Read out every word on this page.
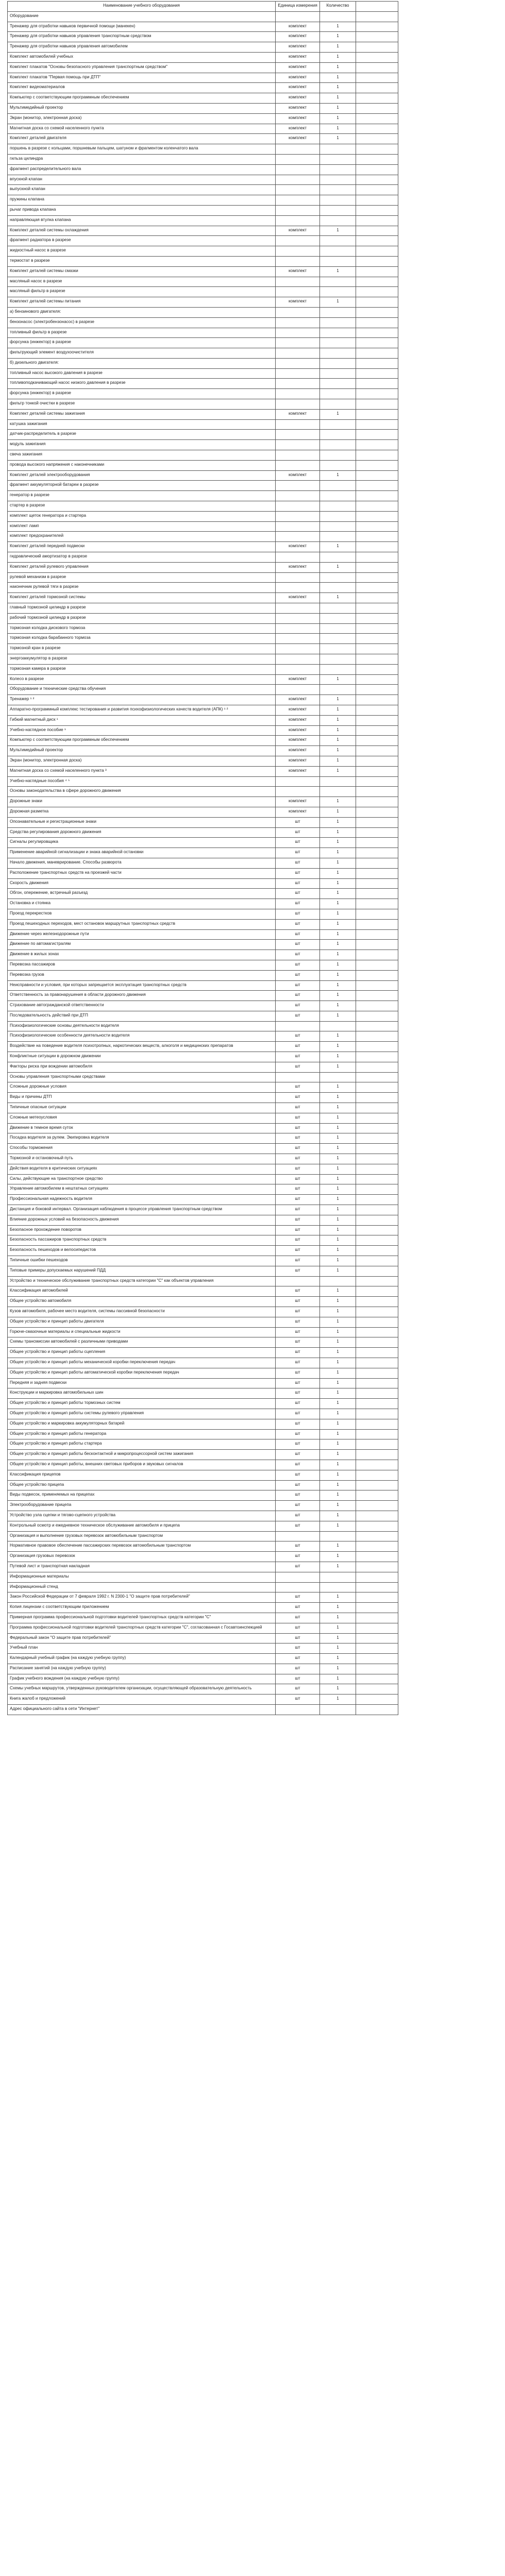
Наименование учебного оборудования	Единица измерения	Количество	
Оборудование			
Тренажер для отработки навыков первичной помощи (манекен)	комплект	1	
Тренажер для отработки навыков управления транспортным средством	комплект	1	
Тренажер для отработки навыков управления автомобилем	комплект	1	
Комплект автомобилей учебных	комплект	1	
Комплект плакатов "Основы безопасного управления транспортным средством"	комплект	1	
Комплект плакатов "Первая помощь при ДТП"	комплект	1	
Комплект видеоматериалов	комплект	1	
Компьютер с соответствующим программным обеспечением	комплект	1	
Мультимедийный проектор	комплект	1	
Экран (монитор, электронная доска)	комплект	1	
Магнитная доска со схемой населенного пункта	комплект	1	
Комплект деталей двигателя	комплект	1	
поршень в разрезе с кольцами, поршневым пальцем, шатуном и фрагментом коленчатого вала			
гильза цилиндра			
фрагмент распределительного вала			
впускной клапан			
выпускной клапан			
пружины клапана			
рычаг привода клапана			
направляющая втулка клапана			
Комплект деталей системы охлаждения	комплект	1	
фрагмент радиатора в разрезе			
жидкостный насос в разрезе			
термостат в разрезе			
Комплект деталей системы смазки	комплект	1	
масляный насос в разрезе			
масляный фильтр в разрезе			
Комплект деталей системы питания	комплект	1	
а) бензинового двигателя:			
бензонасос (электробензонасос) в разрезе			
топливный фильтр в разрезе			
форсунка (инжектор) в разрезе			
фильтрующий элемент воздухоочистителя			
б) дизельного двигателя:			
топливный насос высокого давления в разрезе			
топливоподкачивающий насос низкого давления в разрезе			
форсунка (инжектор) в разрезе			
фильтр тонкой очистки в разрезе			
Комплект деталей системы зажигания	комплект	1	
катушка зажигания			
датчик-распределитель в разрезе			
модуль зажигания			
свеча зажигания			
провода высокого напряжения с наконечниками			
Комплект деталей электрооборудования	комплект	1	
фрагмент аккумуляторной батареи в разрезе			
генератор в разрезе			
стартер в разрезе			
комплект щеток генератора и стартера			
комплект ламп			
комплект предохранителей			
Комплект деталей передней подвески	комплект	1	
гидравлический амортизатор в разрезе			
Комплект деталей рулевого управления	комплект	1	
рулевой механизм в разрезе			
наконечник рулевой тяги в разрезе			
Комплект деталей тормозной системы	комплект	1	
главный тормозной цилиндр в разрезе			
рабочий тормозной цилиндр в разрезе			
тормозная колодка дискового тормоза			
тормозная колодка барабанного тормоза			
тормозной кран в разрезе			
энергоаккумулятор в разрезе			
тормозная камера в разрезе			
Колесо в разрезе	комплект	1	
Оборудование и технические средства обучения			
Тренажер ¹ ²	комплект	1	
Аппаратно-программный комплекс тестирования и развития психофизиологических качеств водителя (АПК) ¹ ²	комплект	1	
Гибкий магнитный диск ¹	комплект	1	
Учебно-наглядное пособие ¹	комплект	1	
Компьютер с соответствующим программным обеспечением	комплект	1	
Мультимедийный проектор	комплект	1	
Экран (монитор, электронная доска)	комплект	1	
Магнитная доска со схемой населенного пункта ³	комплект	1	
Учебно-наглядные пособия ⁴ ⁵			
Основы законодательства в сфере дорожного движения			
Дорожные знаки	комплект	1	
Дорожная разметка	комплект	1	
Опознавательные и регистрационные знаки	шт	1	
Средства регулирования дорожного движения	шт	1	
Сигналы регулировщика	шт	1	
Применение аварийной сигнализации и знака аварийной остановки	шт	1	
Начало движения, маневрирование. Способы разворота	шт	1	
Расположение транспортных средств на проезжей части	шт	1	
Скорость движения	шт	1	
Обгон, опережение, встречный разъезд	шт	1	
Остановка и стоянка	шт	1	
Проезд перекрестков	шт	1	
Проезд пешеходных переходов, мест остановок маршрутных транспортных средств	шт	1	
Движение через железнодорожные пути	шт	1	
Движение по автомагистралям	шт	1	
Движение в жилых зонах	шт	1	
Перевозка пассажиров	шт	1	
Перевозка грузов	шт	1	
Неисправности и условия, при которых запрещается эксплуатация транспортных средств	шт	1	
Ответственность за правонарушения в области дорожного движения	шт	1	
Страхование автогражданской ответственности	шт	1	
Последовательность действий при ДТП	шт	1	
Психофизиологические основы деятельности водителя			
Психофизиологические особенности деятельности водителя	шт	1	
Воздействие на поведение водителя психотропных, наркотических веществ, алкоголя и медицинских препаратов	шт	1	
Конфликтные ситуации в дорожном движении	шт	1	
Факторы риска при вождении автомобиля	шт	1	
Основы управления транспортными средствами			
Сложные дорожные условия	шт	1	
Виды и причины ДТП	шт	1	
Типичные опасные ситуации	шт	1	
Сложные метеоусловия	шт	1	
Движение в темное время суток	шт	1	
Посадка водителя за рулем. Экипировка водителя	шт	1	
Способы торможения	шт	1	
Тормозной и остановочный путь	шт	1	
Действия водителя в критических ситуациях	шт	1	
Силы, действующие на транспортное средство	шт	1	
Управление автомобилем в нештатных ситуациях	шт	1	
Профессиональная надежность водителя	шт	1	
Дистанция и боковой интервал. Организация наблюдения в процессе управления транспортным средством	шт	1	
Влияние дорожных условий на безопасность движения	шт	1	
Безопасное прохождение поворотов	шт	1	
Безопасность пассажиров транспортных средств	шт	1	
Безопасность пешеходов и велосипедистов	шт	1	
Типичные ошибки пешеходов	шт	1	
Типовые примеры допускаемых нарушений ПДД	шт	1	
Устройство и техническое обслуживание транспортных средств категории "С" как объектов управления			
Классификация автомобилей	шт	1	
Общее устройство автомобиля	шт	1	
Кузов автомобиля, рабочее место водителя, системы пассивной безопасности	шт	1	
Общее устройство и принцип работы двигателя	шт	1	
Горюче-смазочные материалы и специальные жидкости	шт	1	
Схемы трансмиссии автомобилей с различными приводами	шт	1	
Общее устройство и принцип работы сцепления	шт	1	
Общее устройство и принцип работы механической коробки переключения передач	шт	1	
Общее устройство и принцип работы автоматической коробки переключения передач	шт	1	
Передняя и задняя подвески	шт	1	
Конструкции и маркировка автомобильных шин	шт	1	
Общее устройство и принцип работы тормозных систем	шт	1	
Общее устройство и принцип работы системы рулевого управления	шт	1	
Общее устройство и маркировка аккумуляторных батарей	шт	1	
Общее устройство и принцип работы генератора	шт	1	
Общее устройство и принцип работы стартера	шт	1	
Общее устройство и принцип работы бесконтактной и микропроцессорной систем зажигания	шт	1	
Общее устройство и принцип работы, внешних световых приборов и звуковых сигналов	шт	1	
Классификация прицепов	шт	1	
Общее устройство прицепа	шт	1	
Виды подвесок, применяемых на прицепах	шт	1	
Электрооборудование прицепа	шт	1	
Устройство узла сцепки и тягово-сцепного устройства	шт	1	
Контрольный осмотр и ежедневное техническое обслуживание автомобиля и прицепа	шт	1	
Организация и выполнение грузовых перевозок автомобильным транспортом			
Нормативное правовое обеспечение пассажирских перевозок автомобильным транспортом	шт	1	
Организация грузовых перевозок	шт	1	
Путевой лист и транспортная накладная	шт	1	
Информационные материалы			
Информационный стенд			
Закон Российской Федерации от 7 февраля 1992 г. N 2300-1 "О защите прав потребителей"	шт	1	
Копия лицензии с соответствующим приложением	шт	1	
Примерная программа профессиональной подготовки водителей транспортных средств категории "С"	шт	1	
Программа профессиональной подготовки водителей транспортных средств категории "С", согласованная с Госавтоинспекцией	шт	1	
Федеральный закон "О защите прав потребителей"	шт	1	
Учебный план	шт	1	
Календарный учебный график (на каждую учебную группу)	шт	1	
Расписание занятий (на каждую учебную группу)	шт	1	
График учебного вождения (на каждую учебную группу)	шт	1	
Схемы учебных маршрутов, утвержденных руководителем организации, осуществляющей образовательную деятельность	шт	1	
Книга жалоб и предложений	шт	1	
Адрес официального сайта в сети "Интернет"			
